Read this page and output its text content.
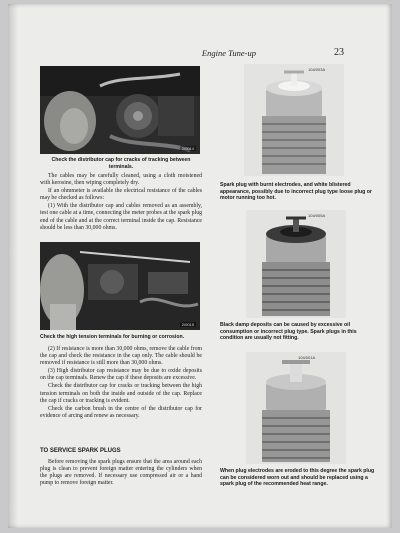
Engine Tune-up	23
2/0014
Check the distributor cap for cracks of tracking between terminals.

The cables may be carefully cleaned, using a cloth moistened with kerosine, then wiping completely dry.

If an ohmmeter is available the electrical resistance of the cables may be checked as follows:

(1) With the distributor cap and cables removed as an assembly, test one cable at a time, connecting the meter probes at the spark plug end of the cable and at the correct terminal inside the cap. Resistance should be less than 30,000 ohms.

2/0015
Check the high tension terminals for burning or corrosion.

(2) If resistance is more than 30,000 ohms, remove the cable from the cap and check the resistance in the cap only. The cable should be removed if resistance is still more than 30,000 ohms.

(3) High distributor cap resistance may be due to oxide deposits on the cap terminals. Renew the cap if these deposits are excessive.

Check the distributor cap for cracks or tracking between the high tension terminals on both the inside and outside of the cap. Replace the cap if cracks or tracking is evident.

Check the carbon brush in the centre of the distributor cap for evidence of arcing and renew as necessary.

TO SERVICE SPARK PLUGS

Before removing the spark plugs ensure that the area around each plug is clean to prevent foreign matter entering the cylinders when the plugs are removed. If necessary use compressed air or a hand pump to remove foreign matter.

104/003A
Spark plug with burnt electrodes, and white blistered appearance, possibly due to incorrect plug type loose plug or motor running too hot.
104/005A
Black damp deposits can be caused by excessive oil consumption or incorrect plug type. Spark plugs in this condition are usually not fitting.
104/001A
When plug electrodes are eroded to this degree the spark plug can be considered worn out and should be replaced using a spark plug of the recommended heat range.
